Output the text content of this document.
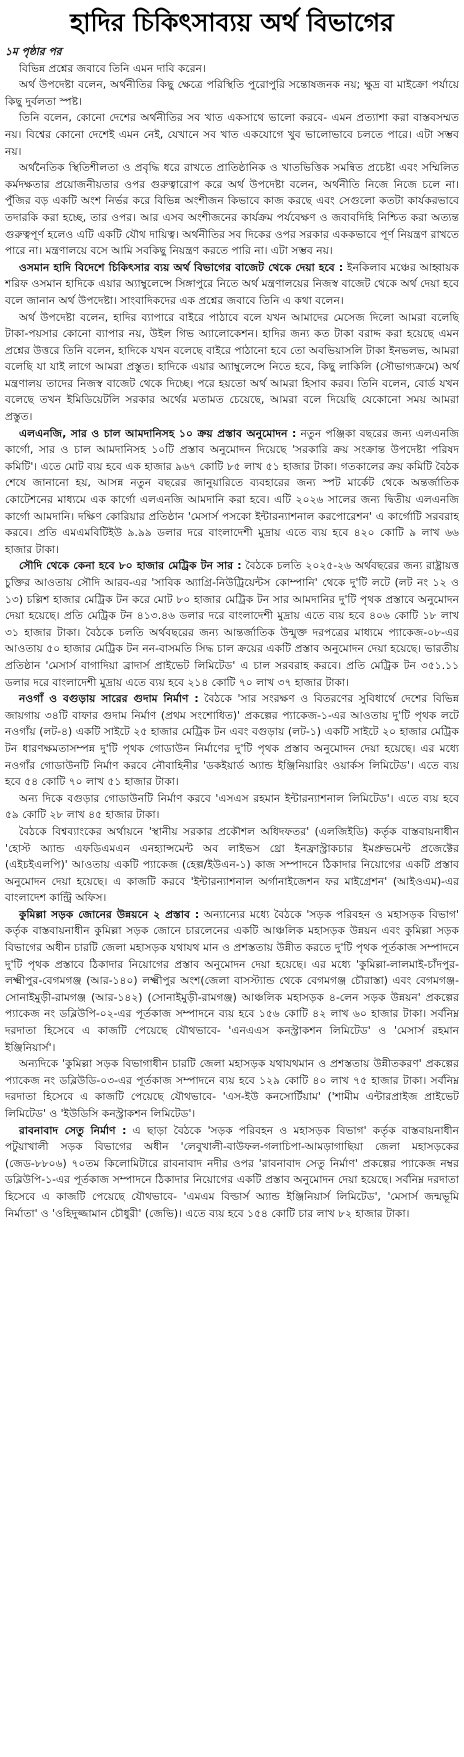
হাদির চিকিৎসাব্যয় অর্থ বিভাগের

১ম পৃষ্ঠার পর

বিভিন্ন প্রশ্নের জবাবে তিনি এমন দাবি করেন।

অর্থ উপদেষ্টা বলেন, অর্থনীতির কিছু ক্ষেত্রে পরিস্থিতি পুরোপুরি সন্তোষজনক নয়; ক্ষুদ্র বা মাইক্রো পর্যায়ে কিছু দুর্বলতা স্পষ্ট।

তিনি বলেন, কোনো দেশের অর্থনীতির সব খাত একসাথে ভালো করবে- এমন প্রত্যাশা করা বাস্তবসম্মত নয়। বিশ্বের কোনো দেশেই এমন নেই, যেখানে সব খাত একযোগে খুব ভালোভাবে চলতে পারে। এটা সম্ভব নয়।

অর্থনৈতিক স্থিতিশীলতা ও প্রবৃদ্ধি ধরে রাখতে প্রাতিষ্ঠানিক ও খাতভিত্তিক সমন্বিত প্রচেষ্টা এবং সম্মিলিত কর্মদক্ষতার প্রয়োজনীয়তার ওপর গুরুত্বারোপ করে অর্থ উপদেষ্টা বলেন, অর্থনীতি নিজে নিজে চলে না। পুঁজির বড় একটি অংশ নির্ভর করে বিভিন্ন অংশীজন কিভাবে কাজ করছে এবং সেগুলো কতটা কার্যকরভাবে তদারকি করা হচ্ছে, তার ওপর। আর এসব অংশীজনের কার্যক্রম পর্যবেক্ষণ ও জবাবদিহি নিশ্চিত করা অত্যন্ত গুরুত্বপূর্ণ হলেও এটি একটি যৌথ দায়িত্ব। অর্থনীতির সব দিকের ওপর সরকার এককভাবে পূর্ণ নিয়ন্ত্রণ রাখতে পারে না। মন্ত্রণালয়ে বসে আমি সবকিছু নিয়ন্ত্রণ করতে পারি না। এটা সম্ভব নয়।

ওসমান হাদি বিদেশে চিকিৎসার ব্যয় অর্থ বিভাগের বাজেট থেকে দেয়া হবে : ইনকিলাব মঞ্চের আহ্বায়ক শরিফ ওসমান হাদিকে এয়ার অ্যাম্বুলেন্সে সিঙ্গাপুরে নিতে অর্থ মন্ত্রণালয়ের নিজস্ব বাজেট থেকে অর্থ দেয়া হবে বলে জানান অর্থ উপদেষ্টা। সাংবাদিকদের এক প্রশ্নের জবাবে তিনি এ কথা বলেন।

অর্থ উপদেষ্টা বলেন, হাদির ব্যাপারে বাইরে পাঠাবে বলে যখন আমাদের মেসেজ দিলো আমরা বলেছি টাকা-পয়সার কোনো ব্যাপার নয়, উইল গিভ অ্যালোকেশন। হাদির জন্য কত টাকা বরাদ্দ করা হয়েছে এমন প্রশ্নের উত্তরে তিনি বলেন, হাদিকে যখন বলেছে বাইরে পাঠানো হবে তো অবভিয়াসলি টাকা ইনভলভ, আমরা বলেছি যা যাই লাগে আমরা প্রস্তুত। হাদিকে এয়ার অ্যাম্বুলেন্সে নিতে হবে, কিছু লাকিলি (সৌভাগ্যক্রমে) অর্থ মন্ত্রণালয় তাদের নিজস্ব বাজেট থেকে দিচ্ছে। পরে হয়তো অর্থ আমরা হিসাব করব। তিনি বলেন, বোর্ড যখন বলেছে তখন ইমিডিয়েটলি সরকার অর্থের মতামত চেয়েছে, আমরা বলে দিয়েছি যেকোনো সময় আমরা প্রস্তুত।

এলএনজি, সার ও চাল আমদানিসহ ১০ ক্রয় প্রস্তাব অনুমোদন : নতুন পঞ্জিকা বছরের জন্য এলএনজি কার্গো, সার ও চাল আমদানিসহ ১০টি প্রস্তাব অনুমোদন দিয়েছে 'সরকারি ক্রয় সংক্রান্ত উপদেষ্টা পরিষদ কমিটি'। এতে মোট ব্যয় হবে এক হাজার ৯৬৭ কোটি ৮৫ লাখ ৫১ হাজার টাকা। গতকালের ক্রয় কমিটি বৈঠক শেষে জানানো হয়, আসন্ন নতুন বছরের জানুয়ারিতে ব্যবহারের জন্য স্পট মার্কেট থেকে অন্তর্জাতিক কোটেশনের মাধ্যমে এক কার্গো এলএনজি আমদানি করা হবে। এটি ২০২৬ সালের জন্য দ্বিতীয় এলএনজি কার্গো আমদানি। দক্ষিণ কোরিয়ার প্রতিষ্ঠান 'মেসার্স পসকো ইন্টারন্যাশনাল করপোরেশন' এ কার্গোটি সরবরাহ করবে। প্রতি এমএমবিটিইউ ৯.৯৯ ডলার দরে বাংলাদেশী মুদ্রায় এতে ব্যয় হবে ৪২০ কোটি ৯ লাখ ৬৬ হাজার টাকা।

সৌদি থেকে কেনা হবে ৮০ হাজার মেট্রিক টন সার : বৈঠকে চলতি ২০২৫-২৬ অর্থবছরের জন্য রাষ্ট্রায়ত্ত চুক্তির আওতায় সৌদি আরব-এর 'সাবিক অ্যাগ্রি-নিউট্রিয়েন্টস কোম্পানি' থেকে দু'টি লটে (লট নং ১২ ও ১৩) চল্লিশ হাজার মেট্রিক টন করে মোট ৮০ হাজার মেট্রিক টন সার আমদানির দু'টি পৃথক প্রস্তাবে অনুমোদন দেয়া হয়েছে। প্রতি মেট্রিক টন ৪১৩.৪৬ ডলার দরে বাংলাদেশী মুদ্রায় এতে ব্যয় হবে ৪০৬ কোটি ১৮ লাখ ৩১ হাজার টাকা। বৈঠকে চলতি অর্থবছরের জন্য আন্তর্জাতিক উন্মুক্ত দরপত্রের মাধ্যমে প্যাকেজ-০৮-এর আওতায় ৫০ হাজার মেট্রিক টন নন-বাসমতি সিদ্ধ চাল ক্রয়ের একটি প্রস্তাব অনুমোদন দেয়া হয়েছে। ভারতীয় প্রতিষ্ঠান 'মেসার্স বাগাদিয়া ব্রাদার্স প্রাইভেট লিমিটেড' এ চাল সরবরাহ করবে। প্রতি মেট্রিক টন ৩৫১.১১ ডলার দরে বাংলাদেশী মুদ্রায় এতে ব্যয় হবে ২১৪ কোটি ৭০ লাখ ৩৭ হাজার টাকা।

নওগাঁ ও বগুড়ায় সারের গুদাম নির্মাণ : বৈঠকে 'সার সংরক্ষণ ও বিতরণের সুবিধার্থে দেশের বিভিন্ন জায়গায় ৩৪টি বাফার গুদাম নির্মাণ (প্রথম সংশোধিত)' প্রকল্পের প্যাকেজ-১-এর আওতায় দু'টি পৃথক লটে নওগাঁয় (লট-৪) একটি সাইটে ২৫ হাজার মেট্রিক টন এবং বগুড়ায় (লট-১) একটি সাইটে ২০ হাজার মেট্রিক টন ধারণক্ষমতাসম্পন্ন দু'টি পৃথক গোডাউন নির্মাণের দু'টি পৃথক প্রস্তাব অনুমোদন দেয়া হয়েছে। এর মধ্যে নওগাঁর গোডাউনটি নির্মাণ করবে নৌবাহিনীর 'ডকইয়ার্ড অ্যান্ড ইঞ্জিনিয়ারিং ওয়ার্কস লিমিটেড'। এতে ব্যয় হবে ৫৪ কোটি ৭০ লাখ ৫১ হাজার টাকা।

অন্য দিকে বগুড়ার গোডাউনটি নির্মাণ করবে 'এসএস রহমান ইন্টারন্যাশনাল লিমিটেড'। এতে ব্যয় হবে ৫৯ কোটি ২৮ লাখ ৪৫ হাজার টাকা।

বৈঠকে বিশ্বব্যাংকের অর্থায়নে 'স্থানীয় সরকার প্রকৌশল অধিদফতর' (এলজিইডি) কর্তৃক বাস্তবায়নাধীন 'হোস্ট অ্যান্ড এফডিএমএন এনহ্যান্সমেন্ট অব লাইভস থ্রো ইনফ্রাস্ট্রাকচার ইমপ্রুভমেন্ট প্রজেক্টের (এইচইএলপি)' আওতায় একটি প্যাকেজ (হেল্প/ইউএন-১) কাজ সম্পাদনে ঠিকাদার নিয়োগের একটি প্রস্তাব অনুমোদন দেয়া হয়েছে। এ কাজটি করবে 'ইন্টারন্যাশনাল অর্গানাইজেশন ফর মাইগ্রেশন' (আইওএম)-এর বাংলাদেশ কান্ট্রি অফিস।

কুমিল্লা সড়ক জোনের উন্নয়নে ২ প্রস্তাব : অন্যান্যের মধ্যে বৈঠকে 'সড়ক পরিবহন ও মহাসড়ক বিভাগ' কর্তৃক বাস্তবায়নাধীন কুমিল্লা সড়ক জোনে চারলেনের একটি আঞ্চলিক মহাসড়ক উন্নয়ন এবং কুমিল্লা সড়ক বিভাগের অধীন চারটি জেলা মহাসড়ক যথাযথ মান ও প্রশস্ততায় উন্নীত করতে দু'টি পৃথক পূর্তকাজ সম্পাদনে দু'টি পৃথক প্রস্তাবে ঠিকাদার নিয়োগের প্রস্তাব অনুমোদন দেয়া হয়েছে। এর মধ্যে 'কুমিল্লা-লালমাই-চাঁদপুর-লক্ষ্মীপুর-বেগমগঞ্জ (আর-১৪০) লক্ষ্মীপুর অংশ(জেলা বাসস্ট্যান্ড থেকে বেগমগঞ্জ চৌরাস্তা) এবং বেগমগঞ্জ-সোনাইমুড়ী-রামগঞ্জ (আর-১৪২) (সোনাইমুড়ী-রামগঞ্জ) আঞ্চলিক মহাসড়ক ৪-লেন সড়ক উন্নয়ন' প্রকল্পের প্যাকেজ নং ডব্লিউপি-০২-এর পূর্তকাজ সম্পাদনে ব্যয় হবে ১৫৬ কোটি ৪২ লাখ ৬০ হাজার টাকা। সর্বনিম্ন দরদাতা হিসেবে এ কাজটি পেয়েছে যৌথভাবে- 'এনএএস কনস্ট্রাকশন লিমিটেড' ও 'মেসার্স রহমান ইঞ্জিনিয়ার্স'।

অন্যদিকে 'কুমিল্লা সড়ক বিভাগাধীন চারটি জেলা মহাসড়ক যথাযথমান ও প্রশস্ততায় উন্নীতকরণ' প্রকল্পের প্যাকেজ নং ডব্লিউডি-০৩-এর পূর্তকাজ সম্পাদনে ব্যয় হবে ১২৯ কোটি ৪০ লাখ ৭৫ হাজার টাকা। সর্বনিম্ন দরদাতা হিসেবে এ কাজটি পেয়েছে যৌথভাবে- 'এস-ইউ কনসোর্টিয়াম' ('শামীম এন্টারপ্রাইজ প্রাইভেট লিমিটেড' ও 'ইউডিসি কনস্ট্রাকশন লিমিটেড'।

রাবনাবাদ সেতু নির্মাণ : এ ছাড়া বৈঠকে 'সড়ক পরিবহন ও মহাসড়ক বিভাগ' কর্তৃক বাস্তবায়নাধীন পটুয়াখালী সড়ক বিভাগের অধীন 'লেবুখালী-বাউফল-গলাচিপা-আমড়াগাছিয়া জেলা মহাসড়কের (জেড-৮৮০৬) ৭০তম কিলোমিটারে রাবনাবাদ নদীর ওপর 'রাবনাবাদ সেতু নির্মাণ' প্রকল্পের প্যাকেজ নম্বর ডব্লিউপি-১-এর পূর্তকাজ সম্পাদনে ঠিকাদার নিয়োগের একটি প্রস্তাব অনুমোদন দেয়া হয়েছে। সর্বনিম্ন দরদাতা হিসেবে এ কাজটি পেয়েছে যৌথভাবে- 'এমএম বিল্ডার্স অ্যান্ড ইঞ্জিনিয়ার্স লিমিটেড', 'মেসার্স জন্মভূমি নির্মাতা' ও 'ওহিদুজ্জামান চৌধুরী' (জেভি)। এতে ব্যয় হবে ১৫৪ কোটি চার লাখ ৮২ হাজার টাকা।
